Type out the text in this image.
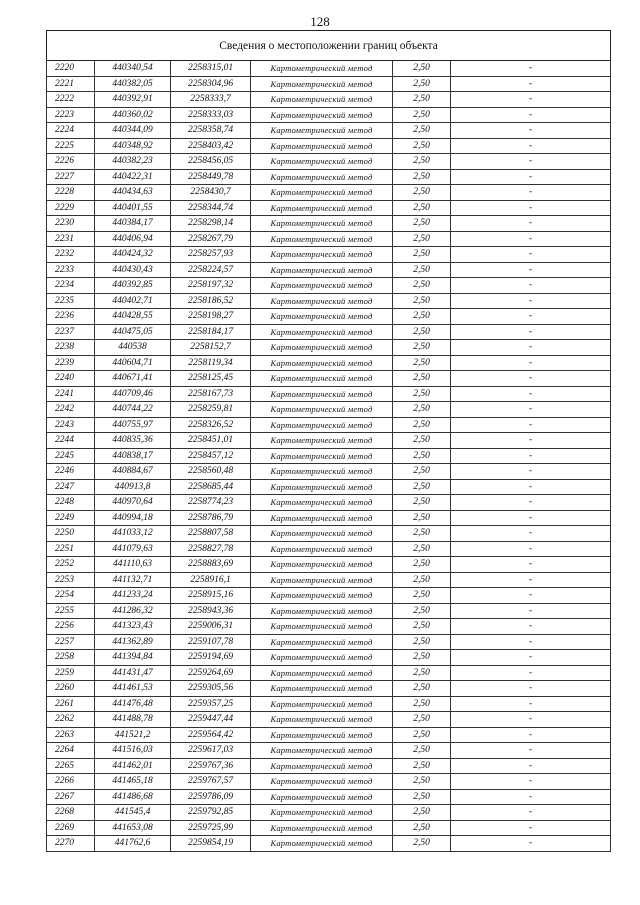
128
Сведения о местоположении границ объекта					
2220	440340,54	2258315,01	Картометрический метод	2,50	-
2221	440382,05	2258304,96	Картометрический метод	2,50	-
2222	440392,91	2258333,7	Картометрический метод	2,50	-
2223	440360,02	2258333,03	Картометрический метод	2,50	-
2224	440344,09	2258358,74	Картометрический метод	2,50	-
2225	440348,92	2258403,42	Картометрический метод	2,50	-
2226	440382,23	2258456,05	Картометрический метод	2,50	-
2227	440422,31	2258449,78	Картометрический метод	2,50	-
2228	440434,63	2258430,7	Картометрический метод	2,50	-
2229	440401,55	2258344,74	Картометрический метод	2,50	-
2230	440384,17	2258298,14	Картометрический метод	2,50	-
2231	440406,94	2258267,79	Картометрический метод	2,50	-
2232	440424,32	2258257,93	Картометрический метод	2,50	-
2233	440430,43	2258224,57	Картометрический метод	2,50	-
2234	440392,85	2258197,32	Картометрический метод	2,50	-
2235	440402,71	2258186,52	Картометрический метод	2,50	-
2236	440428,55	2258198,27	Картометрический метод	2,50	-
2237	440475,05	2258184,17	Картометрический метод	2,50	-
2238	440538	2258152,7	Картометрический метод	2,50	-
2239	440604,71	2258119,34	Картометрический метод	2,50	-
2240	440671,41	2258125,45	Картометрический метод	2,50	-
2241	440709,46	2258167,73	Картометрический метод	2,50	-
2242	440744,22	2258259,81	Картометрический метод	2,50	-
2243	440755,97	2258326,52	Картометрический метод	2,50	-
2244	440835,36	2258451,01	Картометрический метод	2,50	-
2245	440838,17	2258457,12	Картометрический метод	2,50	-
2246	440884,67	2258560,48	Картометрический метод	2,50	-
2247	440913,8	2258685,44	Картометрический метод	2,50	-
2248	440970,64	2258774,23	Картометрический метод	2,50	-
2249	440994,18	2258786,79	Картометрический метод	2,50	-
2250	441033,12	2258807,58	Картометрический метод	2,50	-
2251	441079,63	2258827,78	Картометрический метод	2,50	-
2252	441110,63	2258883,69	Картометрический метод	2,50	-
2253	441132,71	2258916,1	Картометрический метод	2,50	-
2254	441233,24	2258915,16	Картометрический метод	2,50	-
2255	441286,32	2258943,36	Картометрический метод	2,50	-
2256	441323,43	2259006,31	Картометрический метод	2,50	-
2257	441362,89	2259107,78	Картометрический метод	2,50	-
2258	441394,84	2259194,69	Картометрический метод	2,50	-
2259	441431,47	2259264,69	Картометрический метод	2,50	-
2260	441461,53	2259305,56	Картометрический метод	2,50	-
2261	441476,48	2259357,25	Картометрический метод	2,50	-
2262	441488,78	2259447,44	Картометрический метод	2,50	-
2263	441521,2	2259564,42	Картометрический метод	2,50	-
2264	441516,03	2259617,03	Картометрический метод	2,50	-
2265	441462,01	2259767,36	Картометрический метод	2,50	-
2266	441465,18	2259767,57	Картометрический метод	2,50	-
2267	441486,68	2259786,09	Картометрический метод	2,50	-
2268	441545,4	2259792,85	Картометрический метод	2,50	-
2269	441653,08	2259725,99	Картометрический метод	2,50	-
2270	441762,6	2259854,19	Картометрический метод	2,50	-
